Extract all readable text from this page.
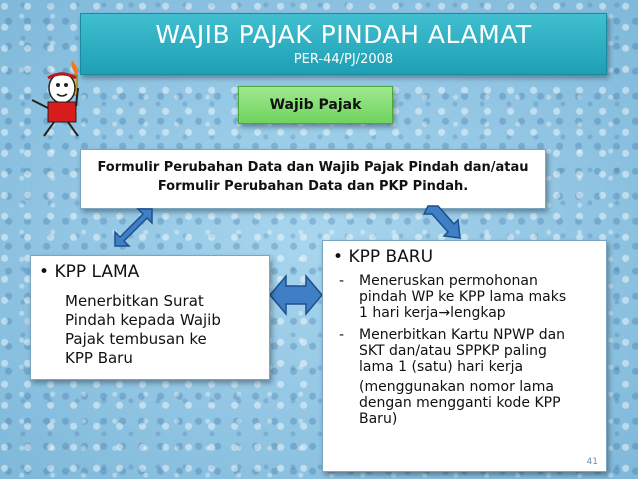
WAJIB PAJAK PINDAH ALAMAT
PER-44/PJ/2008
Wajib Pajak
Formulir Perubahan Data dan Wajib Pajak Pindah dan/atau
Formulir Perubahan Data dan PKP Pindah.
• KPP LAMA
Menerbitkan Surat
Pindah kepada Wajib
Pajak tembusan ke
KPP Baru
• KPP BARU
-	Meneruskan permohonan
pindah WP ke KPP lama maks
1 hari kerja→lengkap
-	Menerbitkan Kartu NPWP dan
SKT dan/atau SPPKP paling
lama 1 (satu) hari kerja
(menggunakan nomor lama
dengan mengganti kode KPP
Baru)
41
